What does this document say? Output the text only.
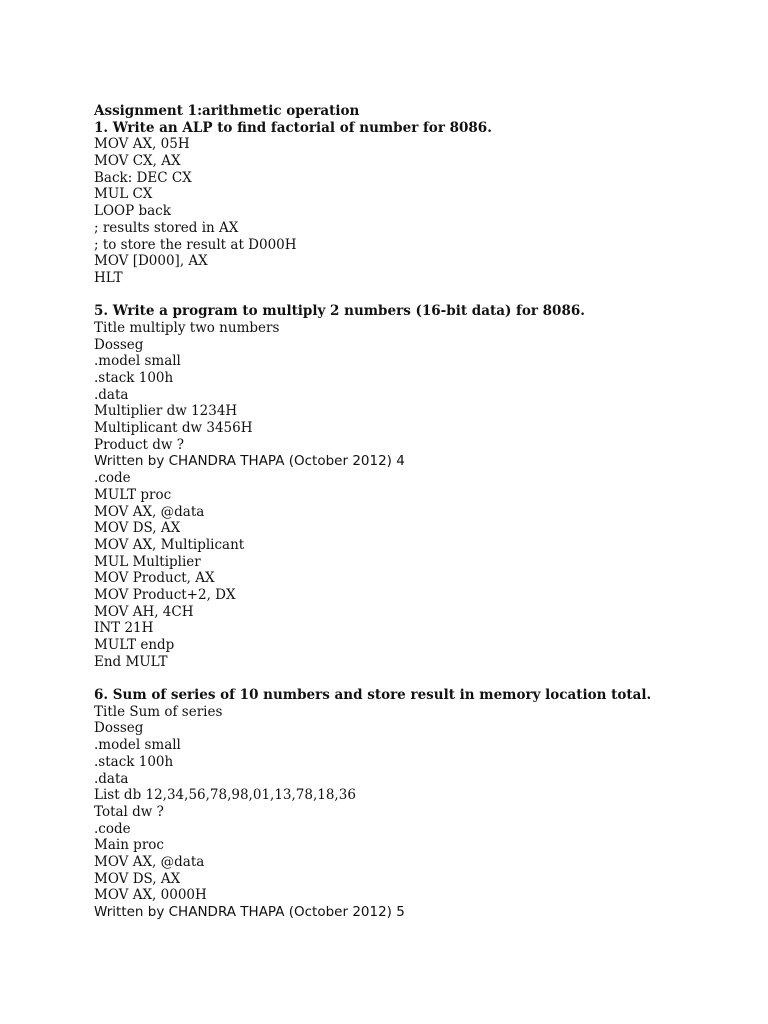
Assignment 1:arithmetic operation
1. Write an ALP to find factorial of number for 8086.
MOV AX, 05H
MOV CX, AX
Back: DEC CX
MUL CX
LOOP back
; results stored in AX
; to store the result at D000H
MOV [D000], AX
HLT
5. Write a program to multiply 2 numbers (16-bit data) for 8086.
Title multiply two numbers
Dosseg
.model small
.stack 100h
.data
Multiplier dw 1234H
Multiplicant dw 3456H
Product dw ?
Written by CHANDRA THAPA (October 2012) 4
.code
MULT proc
MOV AX, @data
MOV DS, AX
MOV AX, Multiplicant
MUL Multiplier
MOV Product, AX
MOV Product+2, DX
MOV AH, 4CH
INT 21H
MULT endp
End MULT
6. Sum of series of 10 numbers and store result in memory location total.
Title Sum of series
Dosseg
.model small
.stack 100h
.data
List db 12,34,56,78,98,01,13,78,18,36
Total dw ?
.code
Main proc
MOV AX, @data
MOV DS, AX
MOV AX, 0000H
Written by CHANDRA THAPA (October 2012) 5
